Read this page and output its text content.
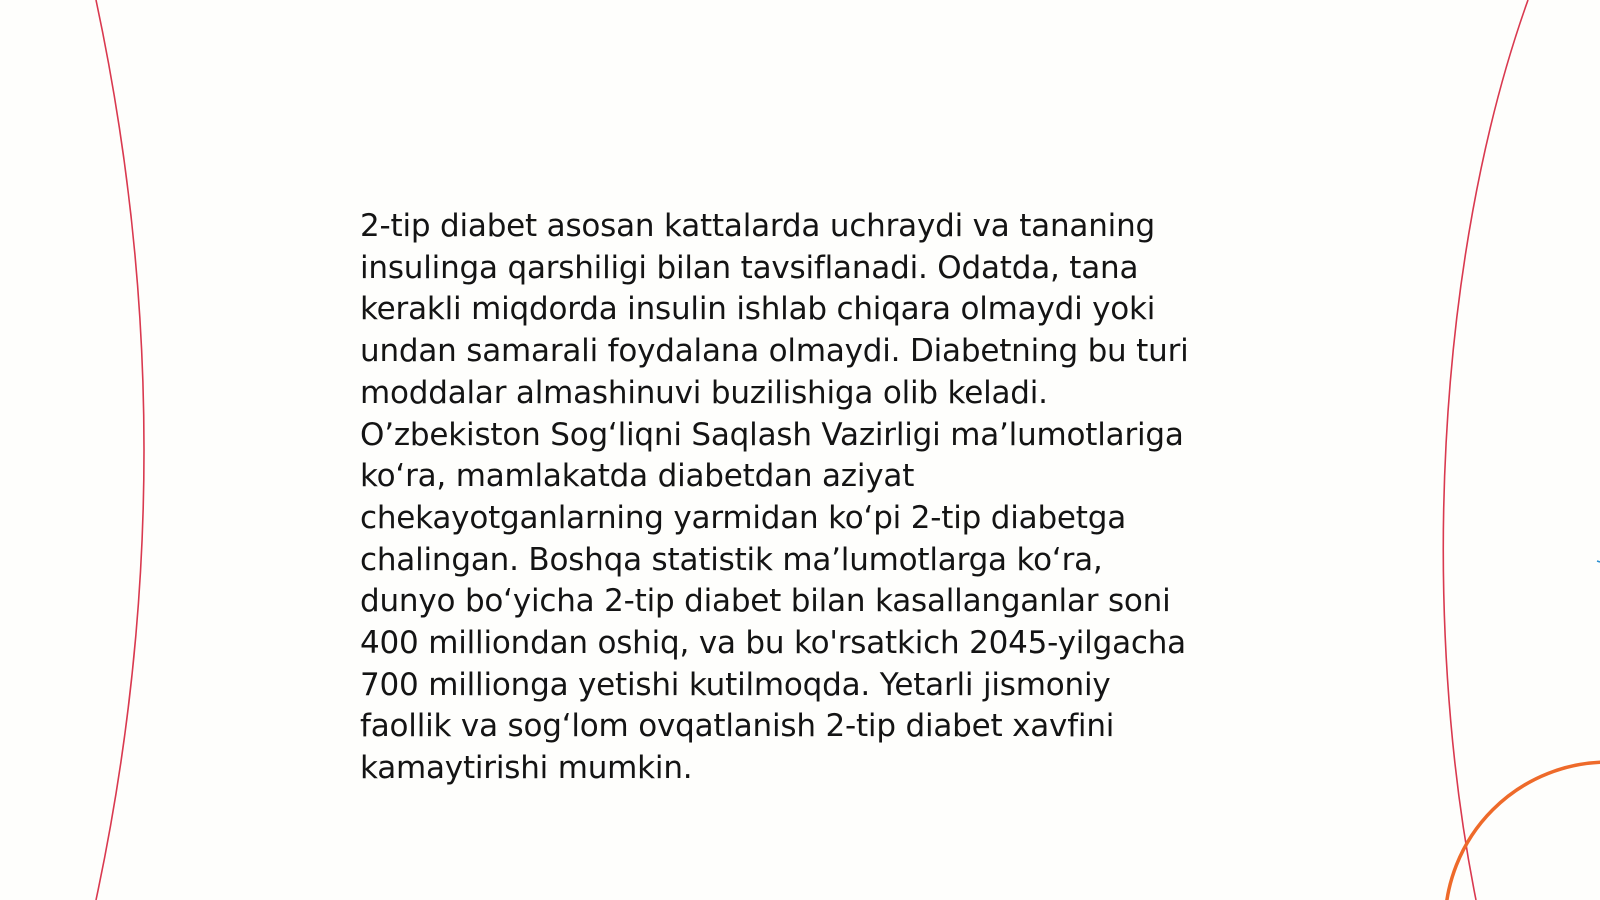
2-tip diabet asosan kattalarda uchraydi va tananing
insulinga qarshiligi bilan tavsiflanadi. Odatda, tana
kerakli miqdorda insulin ishlab chiqara olmaydi yoki
undan samarali foydalana olmaydi. Diabetning bu turi
moddalar almashinuvi buzilishiga olib keladi.
O’zbekiston Sog‘liqni Saqlash Vazirligi ma’lumotlariga
ko‘ra, mamlakatda diabetdan aziyat
chekayotganlarning yarmidan ko‘pi 2-tip diabetga
chalingan. Boshqa statistik ma’lumotlarga ko‘ra,
dunyo bo‘yicha 2-tip diabet bilan kasallanganlar soni
400 milliondan oshiq, va bu ko'rsatkich 2045-yilgacha
700 millionga yetishi kutilmoqda. Yetarli jismoniy
faollik va sog‘lom ovqatlanish 2-tip diabet xavfini
kamaytirishi mumkin.
